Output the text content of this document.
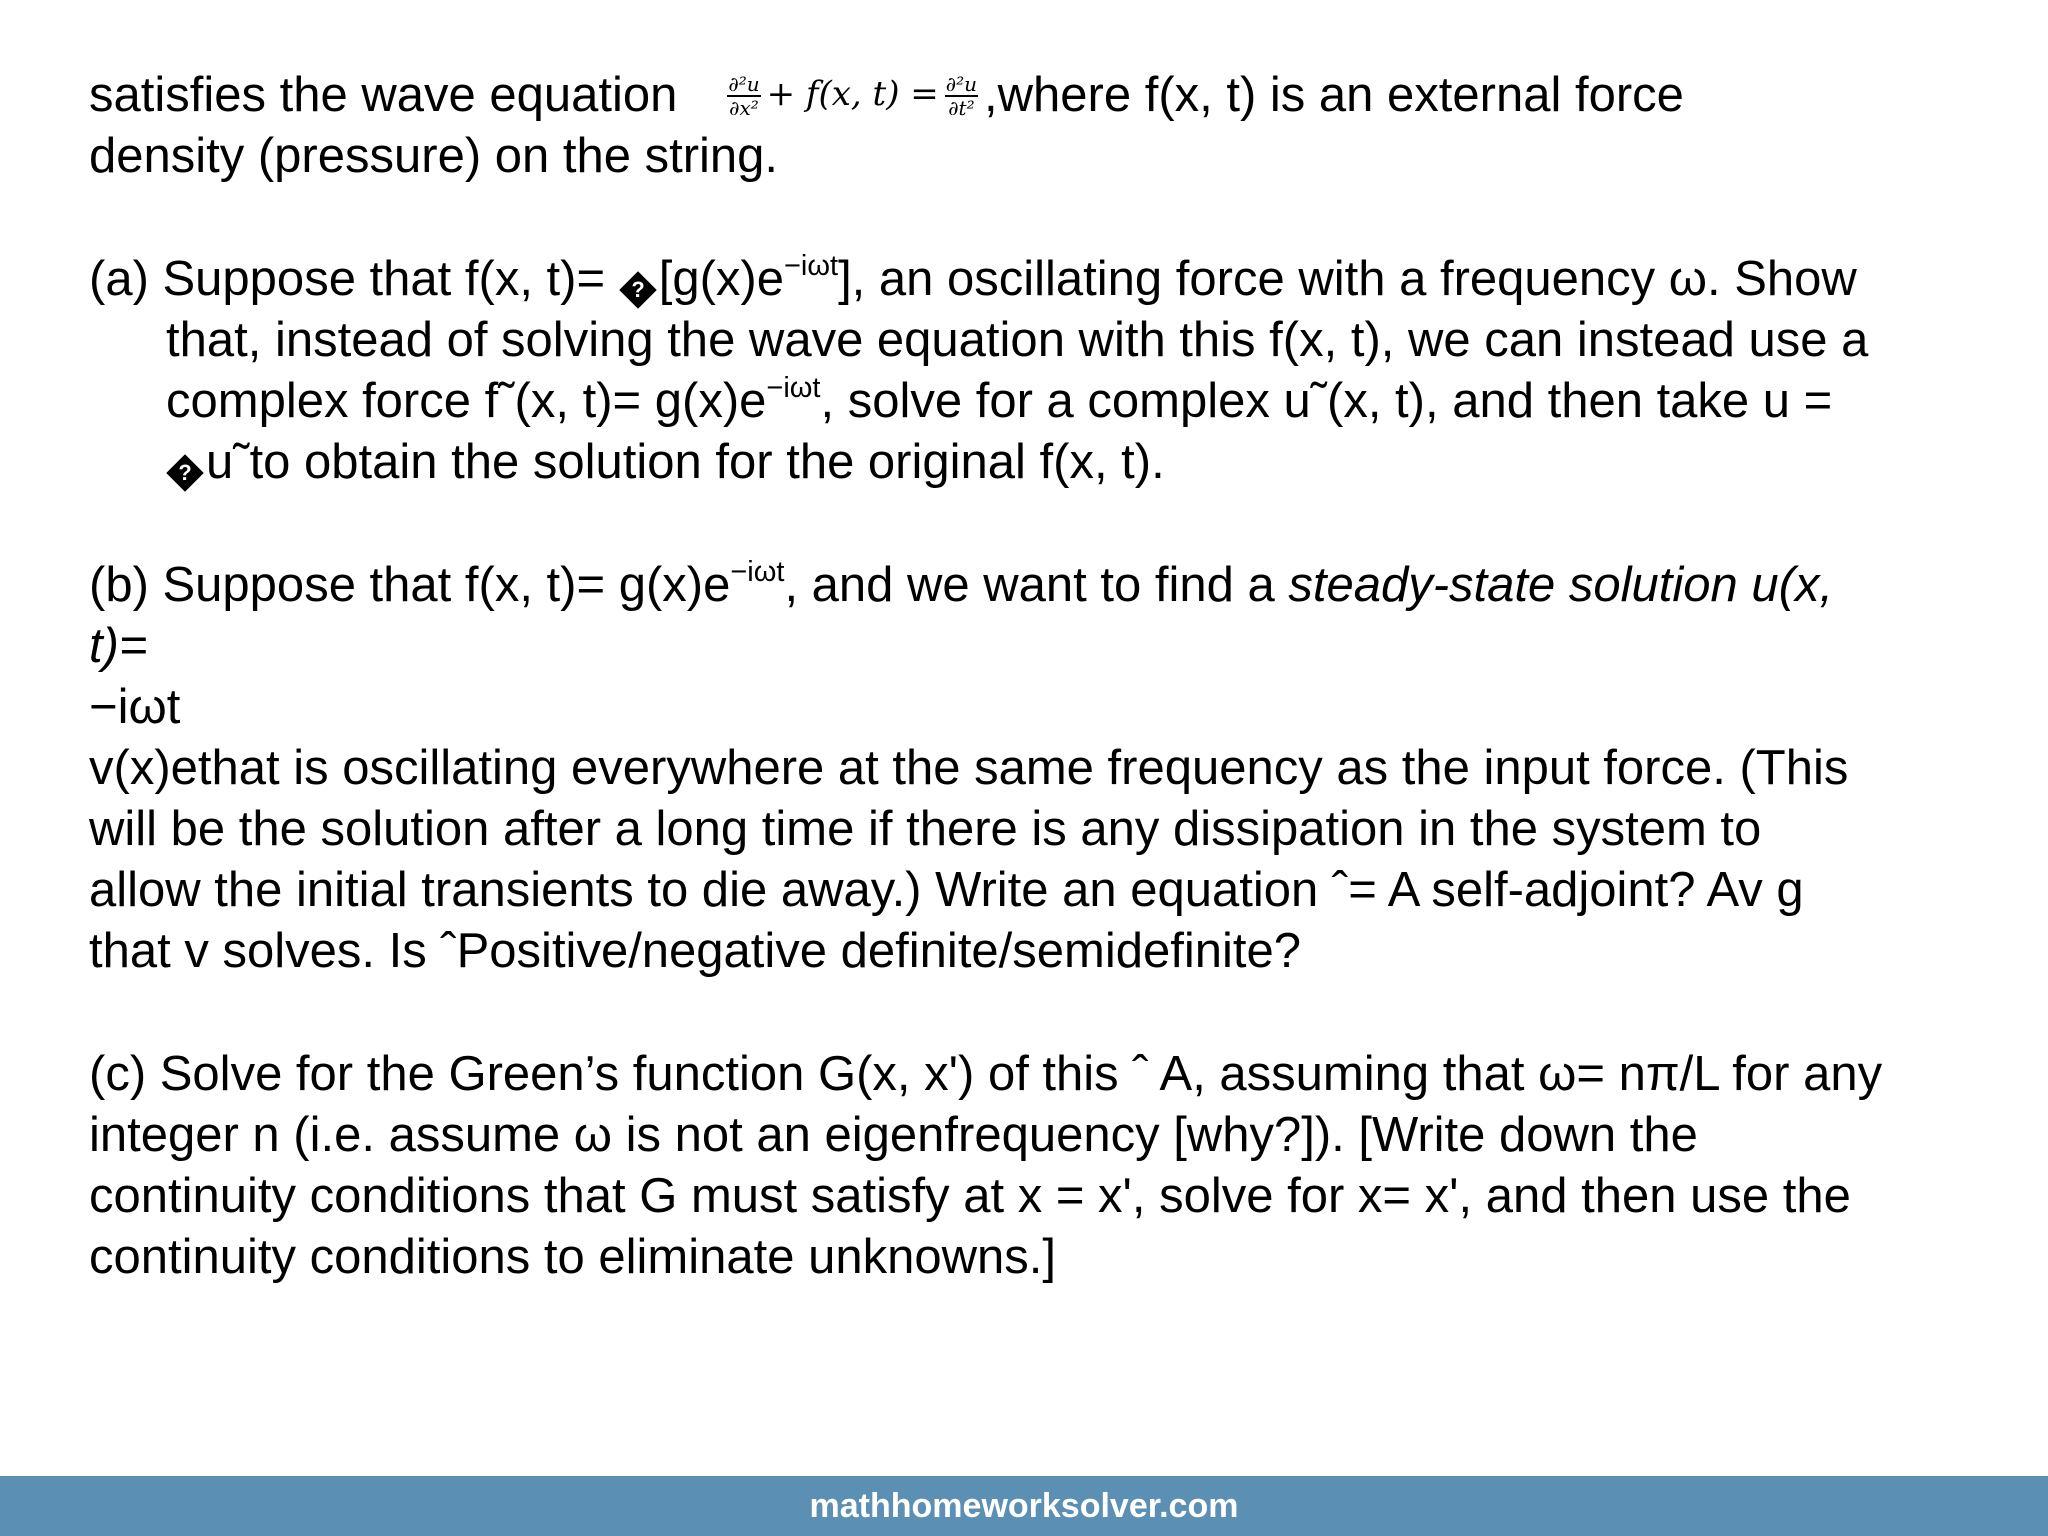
satisfies the wave equation	$\frac{\text{∂²u}}{\text{∂x²}} + f(x$, $t) = \frac{\text{∂²u}}{\text{∂t²}}$ ,where f(x, t) is an external force
density (pressure) on the string.
(a) Suppose that f(x, t)= ? $[g(x)e^{-i\omega t}]$, an oscillating force with a frequency ω. Show
that, instead of solving the wave equation with this f(x, t), we can instead use a
complex force f˜(x, $t)= g(x)e^{-i\omega t}$, solve for a complex u˜(x, t), and then take u =
? u˜to obtain the solution for the original f(x, t).
(b) Suppose that f(x, $t)= g(x)e^{-i\omega t}$, and we want to find a steady-state solution u(x,
t)=
−iωt
v(x)ethat is oscillating everywhere at the same frequency as the input force. (This
will be the solution after a long time if there is any dissipation in the system to
allow the initial transients to die away.) Write an equation ˆ= A self-adjoint? Av g
that v solves. Is ˆPositive/negative definite/semidefinite?
(c) Solve for the Green’s function G(x, x') of this ˆ A, assuming that ω= nπ/L for any
integer n (i.e. assume ω is not an eigenfrequency [why?]). [Write down the
continuity conditions that G must satisfy at x = x', solve for x= x', and then use the
continuity conditions to eliminate unknowns.]
mathhomeworksolver.com
